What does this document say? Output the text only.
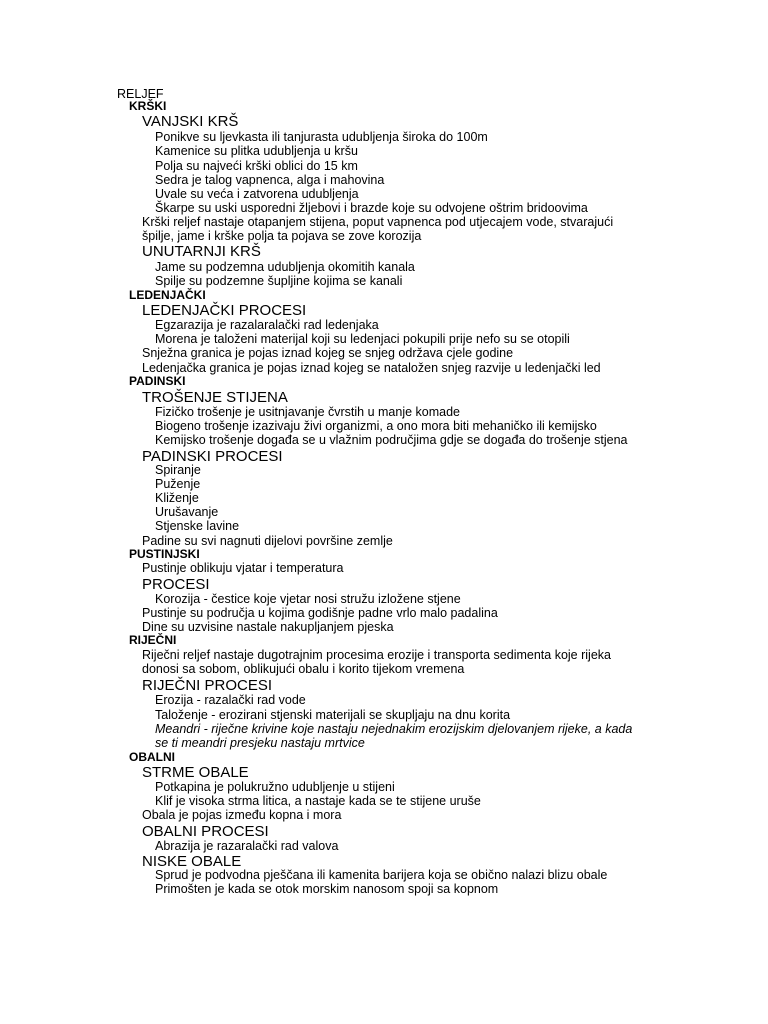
RELJEF
KRŠKI
VANJSKI KRŠ
Ponikve su ljevkasta ili tanjurasta udubljenja široka do 100m
Kamenice su plitka udubljenja u kršu
Polja su najveći krški oblici do 15 km
Sedra je talog vapnenca, alga i mahovina
Uvale su veća i zatvorena udubljenja
Škarpe su uski usporedni žljebovi i brazde koje su odvojene oštrim bridoovima
Krški reljef nastaje otapanjem stijena, poput vapnenca pod utjecajem vode, stvarajući
špilje, jame i krške polja ta pojava se zove korozija
UNUTARNJI KRŠ
Jame su podzemna udubljenja okomitih kanala
Spilje su podzemne šupljine kojima se kanali
LEDENJAČKI
LEDENJAČKI PROCESI
Egzarazija je razalaralački rad ledenjaka
Morena je taloženi materijal koji su ledenjaci pokupili prije nefo su se otopili
Snježna granica je pojas iznad kojeg se snjeg održava cjele godine
Ledenjačka granica je pojas iznad kojeg se nataložen snjeg razvije u ledenjački led
PADINSKI
TROŠENJE STIJENA
Fizičko trošenje je usitnjavanje čvrstih u manje komade
Biogeno trošenje izazivaju živi organizmi, a ono mora biti mehaničko ili kemijsko
Kemijsko trošenje događa se u vlažnim područjima gdje se događa do trošenje stjena
PADINSKI PROCESI
Spiranje
Puženje
Kliženje
Urušavanje
Stjenske lavine
Padine su svi nagnuti dijelovi površine zemlje
PUSTINJSKI
Pustinje oblikuju vjatar i temperatura
PROCESI
Korozija - čestice koje vjetar nosi stružu izložene stjene
Pustinje su područja u kojima godišnje padne vrlo malo padalina
Dine su uzvisine nastale nakupljanjem pjeska
RIJEČNI
Riječni reljef nastaje dugotrajnim procesima erozije i transporta sedimenta koje rijeka
donosi sa sobom, oblikujući obalu i korito tijekom vremena
RIJEČNI PROCESI
Erozija - razalački rad vode
Taloženje - erozirani stjenski materijali se skupljaju na dnu korita
Meandri - riječne krivine koje nastaju nejednakim erozijskim djelovanjem rijeke, a kada
se ti meandri presjeku nastaju mrtvice
OBALNI
STRME OBALE
Potkapina je polukružno udubljenje u stijeni
Klif je visoka strma litica, a nastaje kada se te stijene uruše
Obala je pojas između kopna i mora
OBALNI PROCESI
Abrazija je razaralački rad valova
NISKE OBALE
Sprud je podvodna pješčana ili kamenita barijera koja se obično nalazi blizu obale
Primošten je kada se otok morskim nanosom spoji sa kopnom
